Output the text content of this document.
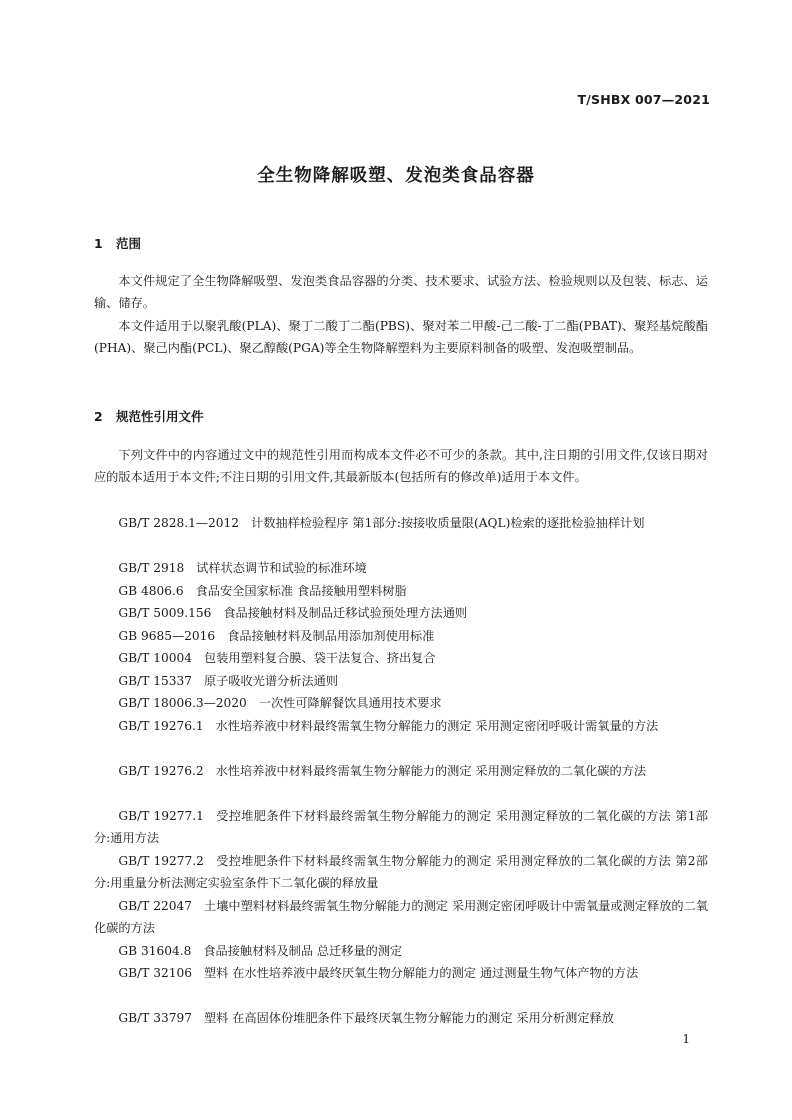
T/SHBX 007—2021
全生物降解吸塑、发泡类食品容器
1 范围
本文件规定了全生物降解吸塑、发泡类食品容器的分类、技术要求、试验方法、检验规则以及包装、标志、运输、储存。
本文件适用于以聚乳酸(PLA)、聚丁二酸丁二酯(PBS)、聚对苯二甲酸-己二酸-丁二酯(PBAT)、聚羟基烷酸酯(PHA)、聚己内酯(PCL)、聚乙醇酸(PGA)等全生物降解塑料为主要原料制备的吸塑、发泡吸塑制品。
2 规范性引用文件
下列文件中的内容通过文中的规范性引用而构成本文件必不可少的条款。其中,注日期的引用文件,仅该日期对应的版本适用于本文件;不注日期的引用文件,其最新版本(包括所有的修改单)适用于本文件。
GB/T 2828.1—2012 计数抽样检验程序 第1部分:按接收质量限(AQL)检索的逐批检验抽样计划
GB/T 2918 试样状态调节和试验的标准环境
GB 4806.6 食品安全国家标准 食品接触用塑料树脂
GB/T 5009.156 食品接触材料及制品迁移试验预处理方法通则
GB 9685—2016 食品接触材料及制品用添加剂使用标准
GB/T 10004 包装用塑料复合膜、袋干法复合、挤出复合
GB/T 15337 原子吸收光谱分析法通则
GB/T 18006.3—2020 一次性可降解餐饮具通用技术要求
GB/T 19276.1 水性培养液中材料最终需氧生物分解能力的测定 采用测定密闭呼吸计需氧量的方法
GB/T 19276.2 水性培养液中材料最终需氧生物分解能力的测定 采用测定释放的二氧化碳的方法
GB/T 19277.1 受控堆肥条件下材料最终需氧生物分解能力的测定 采用测定释放的二氧化碳的方法 第1部分:通用方法
GB/T 19277.2 受控堆肥条件下材料最终需氧生物分解能力的测定 采用测定释放的二氧化碳的方法 第2部分:用重量分析法测定实验室条件下二氧化碳的释放量
GB/T 22047 土壤中塑料材料最终需氧生物分解能力的测定 采用测定密闭呼吸计中需氧量或测定释放的二氧化碳的方法
GB 31604.8 食品接触材料及制品 总迁移量的测定
GB/T 32106 塑料 在水性培养液中最终厌氧生物分解能力的测定 通过测量生物气体产物的方法
GB/T 33797 塑料 在高固体份堆肥条件下最终厌氧生物分解能力的测定 采用分析测定释放
1
